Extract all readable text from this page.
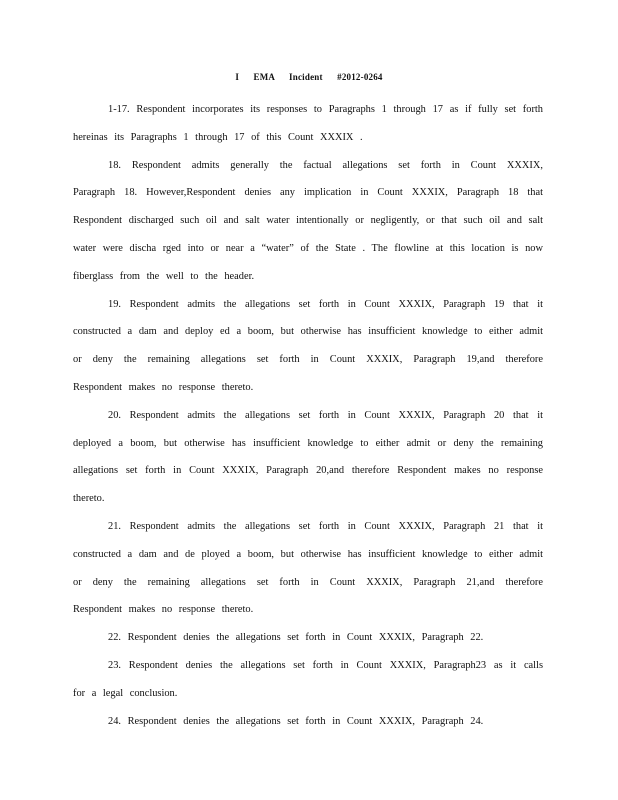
I EMA Incident #2012-0264

1-17. Respondent incorporates its responses to Paragraphs 1 through 17 as if fully set forth hereinas its Paragraphs 1 through 17 of this Count XXXIX .

18. Respondent admits generally the factual allegations set forth in Count XXXIX, Paragraph 18. However,Respondent denies any implication in Count XXXIX, Paragraph 18 that Respondent discharged such oil and salt water intentionally or negligently, or that such oil and salt water were discha rged into or near a “water” of the State . The flowline at this location is now fiberglass from the well to the header.

19. Respondent admits the allegations set forth in Count XXXIX, Paragraph 19 that it constructed a dam and deploy ed a boom, but otherwise has insufficient knowledge to either admit or deny the remaining allegations set forth in Count XXXIX, Paragraph 19,and therefore Respondent makes no response thereto.

20. Respondent admits the allegations set forth in Count XXXIX, Paragraph 20 that it deployed a boom, but otherwise has insufficient knowledge to either admit or deny the remaining allegations set forth in Count XXXIX, Paragraph 20,and therefore Respondent makes no response thereto.

21. Respondent admits the allegations set forth in Count XXXIX, Paragraph 21 that it constructed a dam and de ployed a boom, but otherwise has insufficient knowledge to either admit or deny the remaining allegations set forth in Count XXXIX, Paragraph 21,and therefore Respondent makes no response thereto.

22. Respondent denies the allegations set forth in Count XXXIX, Paragraph 22.

23. Respondent denies the allegations set forth in Count XXXIX, Paragraph23 as it calls for a legal conclusion.

24. Respondent denies the allegations set forth in Count XXXIX, Paragraph 24.
